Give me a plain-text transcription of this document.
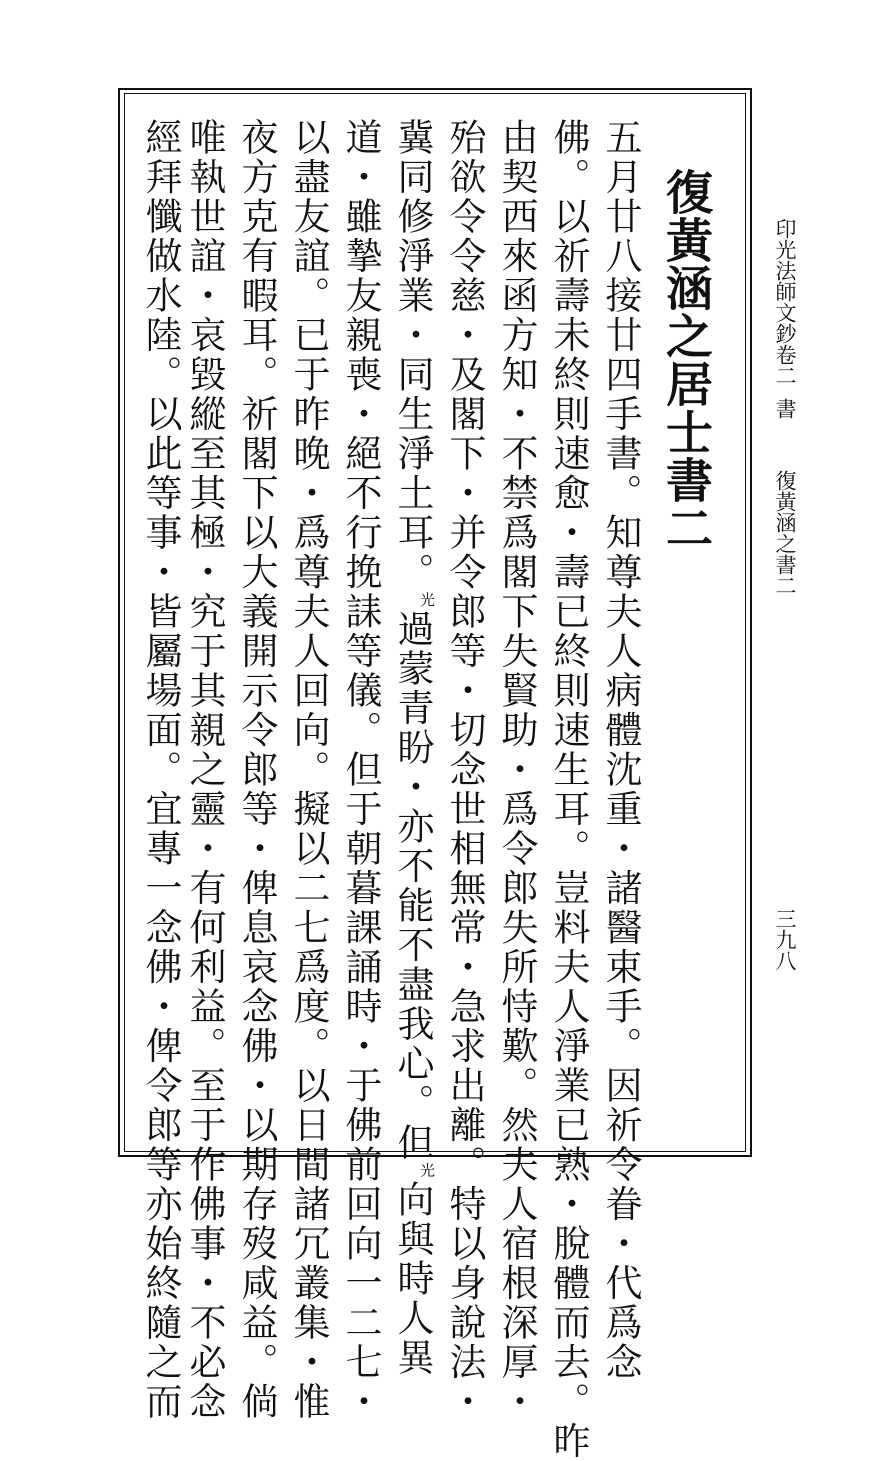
印光法師文鈔卷二
書
復黃涵之書二
三九八
復黃涵之居士書二
五月廿八接廿四手書。知尊夫人病體沈重・諸醫束手。因祈令眷・代爲念
佛。以祈壽未終則速愈・壽已終則速生耳。豈料夫人淨業已熟・脫體而去。昨
由契西來函方知・不禁爲閣下失賢助・爲令郎失所恃歎。然夫人宿根深厚・
殆欲令令慈・及閣下・并令郎等・切念世相無常・急求出離。特以身說法・
冀同修淨業・同生淨土耳。$^光$過蒙青盼・亦不能不盡我心。但$^光$向與時人異
道・雖摯友親喪・絕不行挽誄等儀。但于朝暮課誦時・于佛前回向一二七・
以盡友誼。已于昨晚・爲尊夫人回向。擬以二七爲度。以日間諸冗叢集・惟
夜方克有暇耳。祈閣下以大義開示令郎等・俾息哀念佛・以期存歿咸益。倘
唯執世誼・哀毀縱至其極・究于其親之靈・有何利益。至于作佛事・不必念
經拜懺做水陸。以此等事・皆屬場面。宜專一念佛・俾令郎等亦始終隨之而
